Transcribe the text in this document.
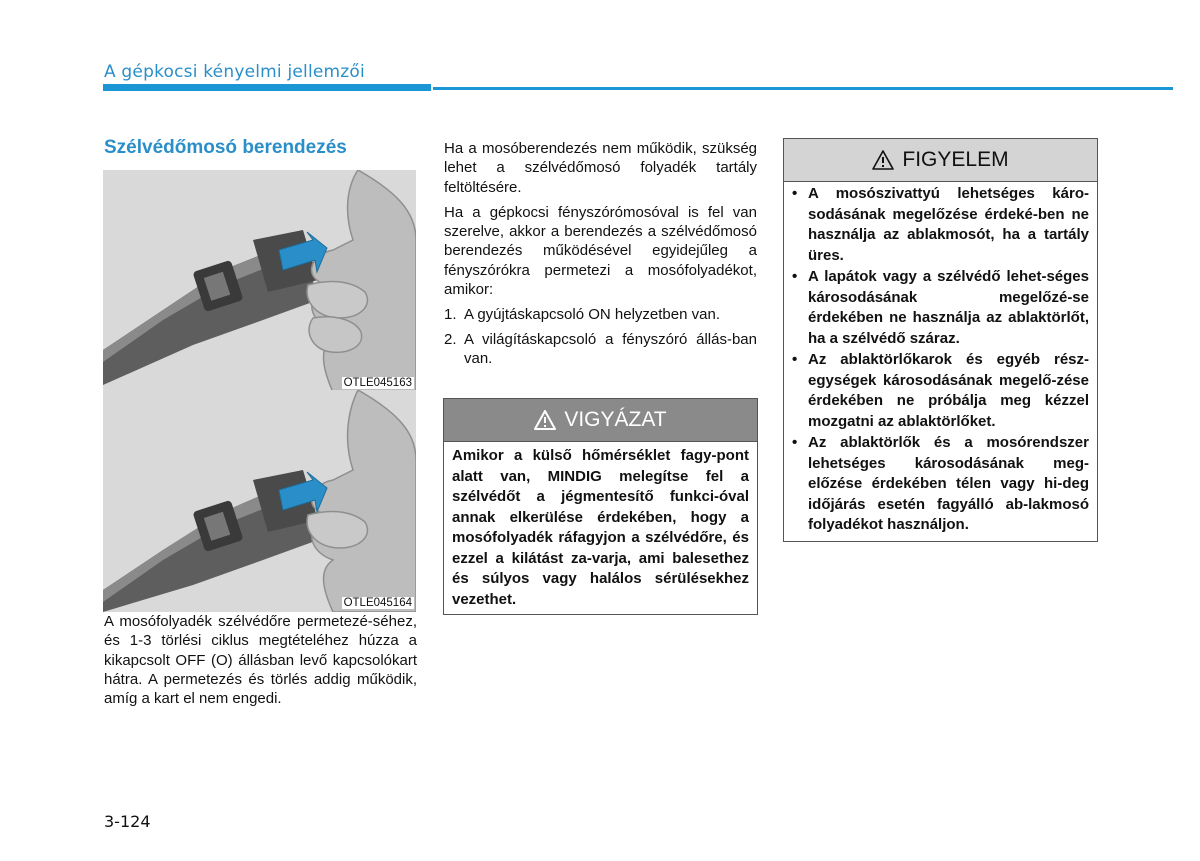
A gépkocsi kényelmi jellemzői
Szélvédőmosó berendezés
OTLE045163
OTLE045164
A mosófolyadék szélvédőre permetezé-séhez, és 1-3 törlési ciklus megtételéhez húzza a kikapcsolt OFF (O) állásban levő kapcsolókart hátra. A permetezés és törlés addig működik, amíg a kart el nem engedi.

Ha a mosóberendezés nem működik, szükség lehet a szélvédőmosó folyadék tartály feltöltésére.

Ha a gépkocsi fényszórómosóval is fel van szerelve, akkor a berendezés a szélvédőmosó berendezés működésével egyidejűleg a fényszórókra permetezi a mosófolyadékot, amikor:

1. A gyújtáskapcsoló ON helyzetben van.
2. A világításkapcsoló a fényszóró állás-ban van.
VIGYÁZAT
Amikor a külső hőmérséklet fagy-pont alatt van, MINDIG melegítse fel a szélvédőt a jégmentesítő funkci-óval annak elkerülése érdekében, hogy a mosófolyadék ráfagyjon a szélvédőre, és ezzel a kilátást za-varja, ami balesethez és súlyos vagy halálos sérülésekhez vezethet.
FIGYELEM
• A mosószivattyú lehetséges káro-sodásának megelőzése érdeké-ben ne használja az ablakmosót, ha a tartály üres.
• A lapátok vagy a szélvédő lehet-séges károsodásának megelőzé-se érdekében ne használja az ablaktörlőt, ha a szélvédő száraz.
• Az ablaktörlőkarok és egyéb rész-egységek károsodásának megelő-zése érdekében ne próbálja meg kézzel mozgatni az ablaktörlőket.
• Az ablaktörlők és a mosórendszer lehetséges károsodásának meg-előzése érdekében télen vagy hi-deg időjárás esetén fagyálló ab-lakmosó folyadékot használjon.
3-124
